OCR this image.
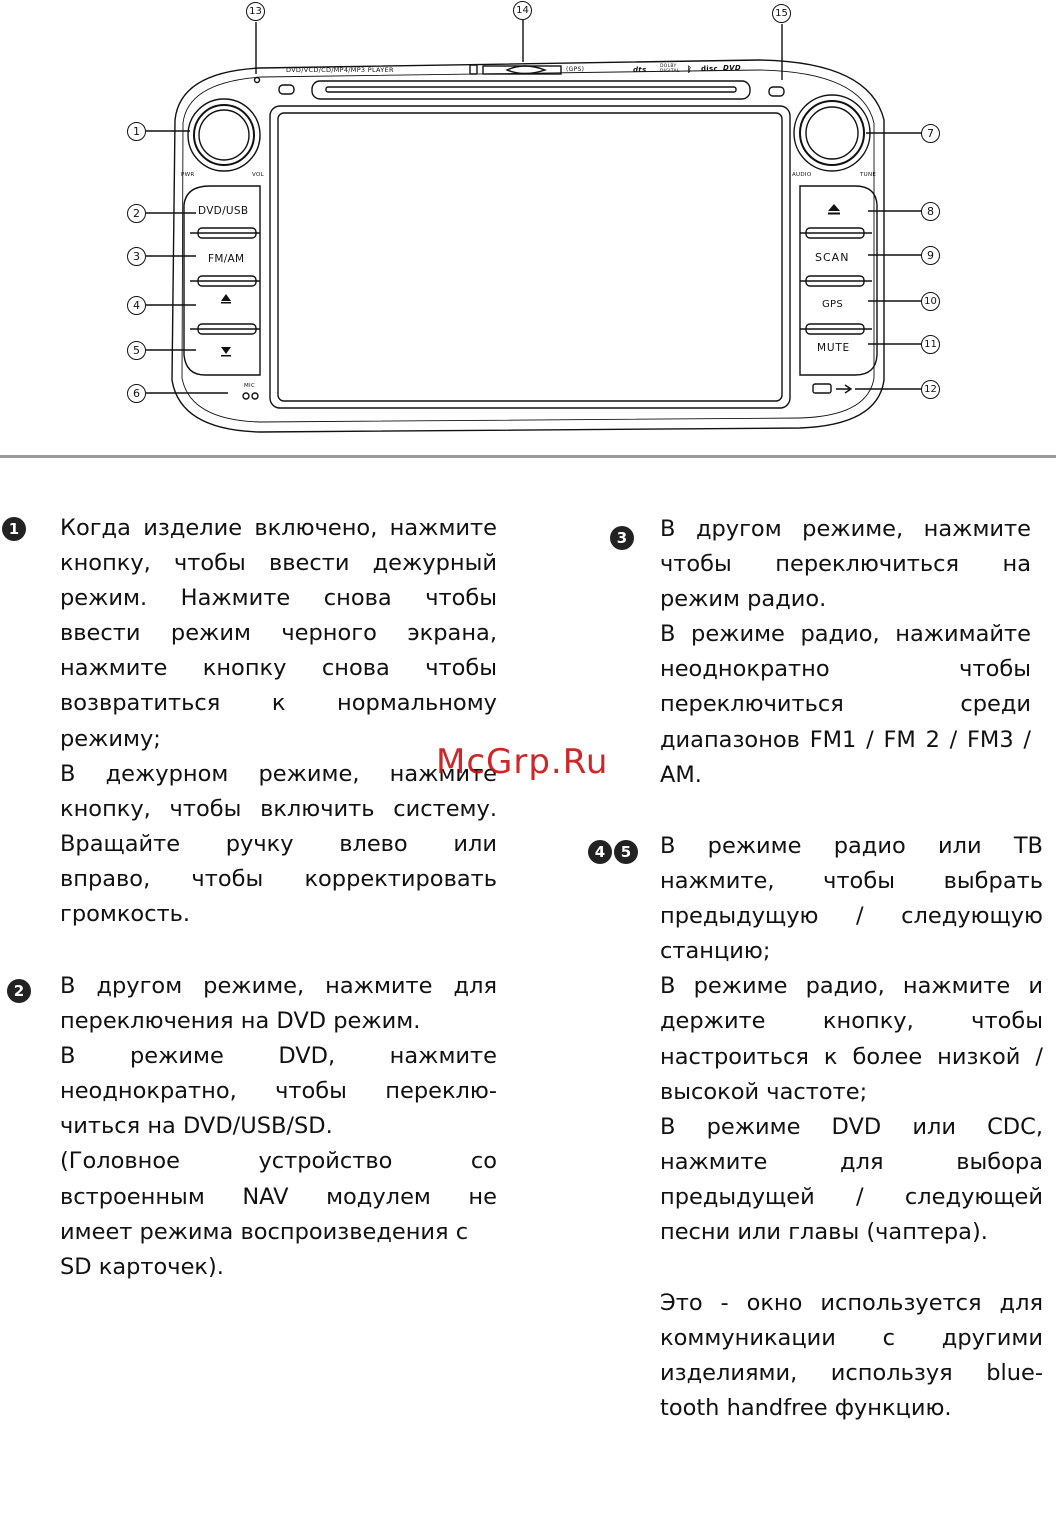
DVD/VCD/CD/MP4/MP3 PLAYER	(GPS)	dts	DOLBY DIGITAL ᛒ disc DVD
PWR	VOL	AUDIO	TUNE
DVD/USB
FM/AM	SCAN
GPS
MUTE
MIC
1
2
3
4
5
6
7
8
9
10
11
12
13	14	15
1	Когда изделие включено, нажмите
кнопку, чтобы ввести дежурный
режим. Нажмите снова чтобы
ввести режим черного экрана,
нажмите кнопку снова чтобы
возвратиться к нормальному
режиму;
В дежурном режиме, нажмите
кнопку, чтобы включить систему.
Вращайте ручку влево или
вправо, чтобы корректировать
громкость.
2	В другом режиме, нажмите для
переключения на DVD режим.
В режиме DVD, нажмите
неоднократно, чтобы переклю-
читься на DVD/USB/SD.
(Головное устройство со
встроенным NAV модулем не
имеет режима воспроизведения с
SD карточек).
3	В другом режиме, нажмите
чтобы переключиться на
режим радио.
В режиме радио, нажимайте
неоднократно чтобы
переключиться среди
диапазонов FM1 / FM 2 / FM3 /
AM.
4	5	В режиме радио или ТВ
нажмите, чтобы выбрать
предыдущую / следующую
станцию;
В режиме радио, нажмите и
держите кнопку, чтобы
настроиться к более низкой /
высокой частоте;
В режиме DVD или CDC,
нажмите для выбора
предыдущей / следующей
песни или главы (чаптера).
Это - окно используется для
коммуникации с другими
изделиями, используя blue-
tooth handfree функцию.
McGrp.Ru
